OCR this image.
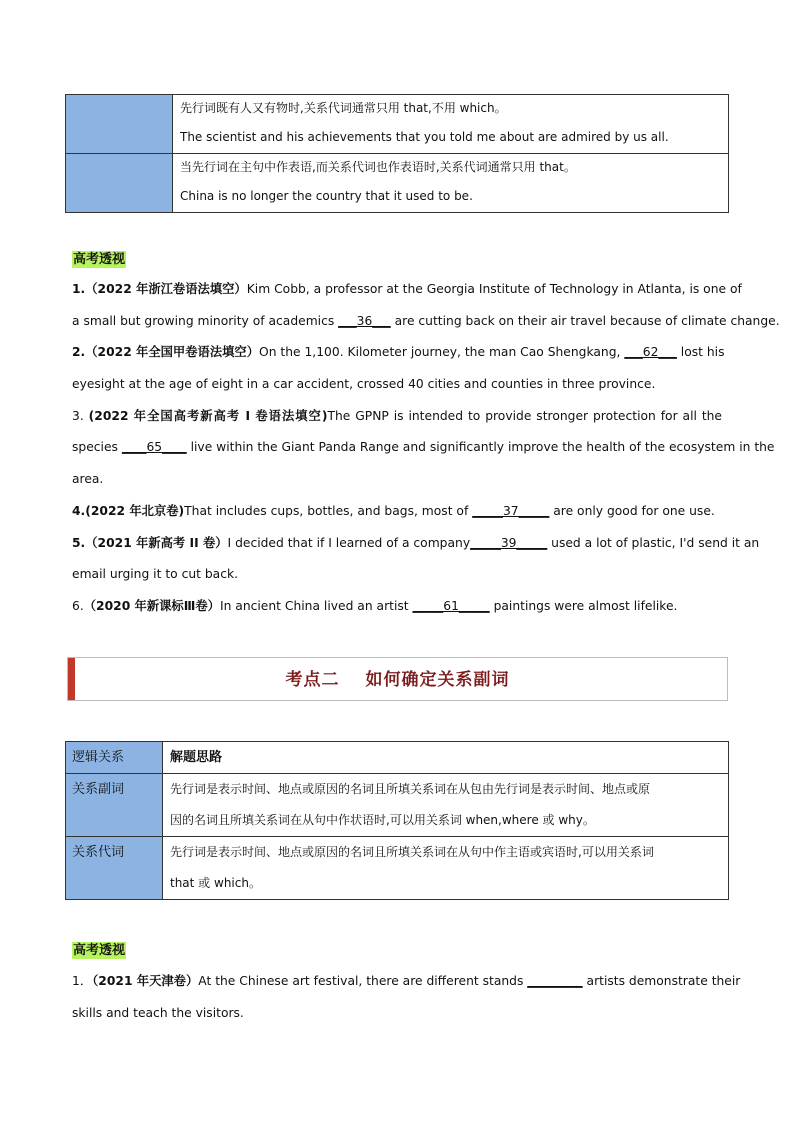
	先行词既有人又有物时,关系代词通常只用 that,不用 which。
The scientist and his achievements that you told me about are admired by us all.

	当先行词在主句中作表语,而关系代词也作表语时,关系代词通常只用 that。
China is no longer the country that it used to be.
高考透视
1.（2022 年浙江卷语法填空）Kim Cobb, a professor at the Georgia Institute of Technology in Atlanta, is one of
a small but growing minority of academics ___36___ are cutting back on their air travel because of climate change.
2.（2022 年全国甲卷语法填空）On the 1,100. Kilometer journey, the man Cao Shengkang, ___62___ lost his
eyesight at the age of eight in a car accident, crossed 40 cities and counties in three province.
3. (2022 年全国高考新高考 I 卷语法填空)The GPNP is intended to provide stronger protection for all the
species ____65____ live within the Giant Panda Range and significantly improve the health of the ecosystem in the
area.
4.(2022 年北京卷)That includes cups, bottles, and bags, most of _____37_____ are only good for one use.
5.（2021 年新高考 II 卷）I decided that if I learned of a company_____39_____ used a lot of plastic, I'd send it an
email urging it to cut back.
6.（2020 年新课标Ⅲ卷）In ancient China lived an artist _____61_____ paintings were almost lifelike.
考点二 如何确定关系副词
逻辑关系	解题思路
关系副词	先行词是表示时间、地点或原因的名词且所填关系词在从包由先行词是表示时间、地点或原
因的名词且所填关系词在从句中作状语时,可以用关系词 when,where 或 why。

关系代词	先行词是表示时间、地点或原因的名词且所填关系词在从句中作主语或宾语时,可以用关系词
that 或 which。
高考透视
1．（2021 年天津卷）At the Chinese art festival, there are different stands _________ artists demonstrate their
skills and teach the visitors.
